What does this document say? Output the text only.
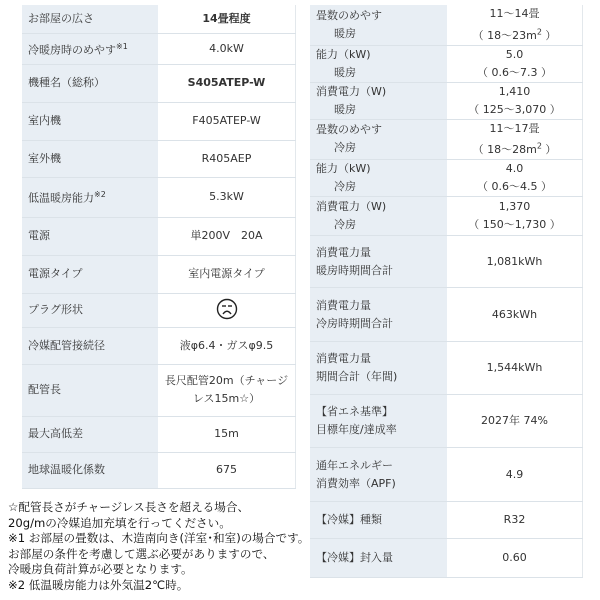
お部屋の広さ	14畳程度
冷暖房時のめやす$^{※1}$	4.0kW
機種名（総称）	S405ATEP-W
室内機	F405ATEP-W
室外機	R405AEP
低温暖房能力$^{※2}$	5.3kW
電源	単200V　20A
電源タイプ	室内電源タイプ
プラグ形状	
冷媒配管接続径	液φ6.4・ガスφ9.5
配管長	長尺配管20m（チャージレス15m☆）
最大高低差	15m
地球温暖化係数	675
畳数のめやす
暖房	11～14畳
（ $18\sim 23m^2$ ）
能力（kW)
暖房	5.0
（ 0.6～7.3 ）
消費電力（W)
暖房	1,410
（ 125～3,070 ）
畳数のめやす
冷房	11～17畳
（ $18\sim 28m^2$ ）
能力（kW)
冷房	4.0
（ 0.6～4.5 ）
消費電力（W)
冷房	1,370
（ 150～1,730 ）
消費電力量
暖房時期間合計	1,081kWh
消費電力量
冷房時期間合計	463kWh
消費電力量
期間合計（年間)	1,544kWh
【省エネ基準】
目標年度/達成率	2027年 74%
通年エネルギー
消費効率（APF)	4.9
【冷媒】種類	R32
【冷媒】封入量	0.60
☆配管長さがチャージレス長さを超える場合、
20g/mの冷媒追加充填を行ってください。
※1 お部屋の畳数は、木造南向き(洋室･和室)の場合です。
お部屋の条件を考慮して選ぶ必要がありますので、
冷暖房負荷計算が必要となります。
※2 低温暖房能力は外気温2℃時。
